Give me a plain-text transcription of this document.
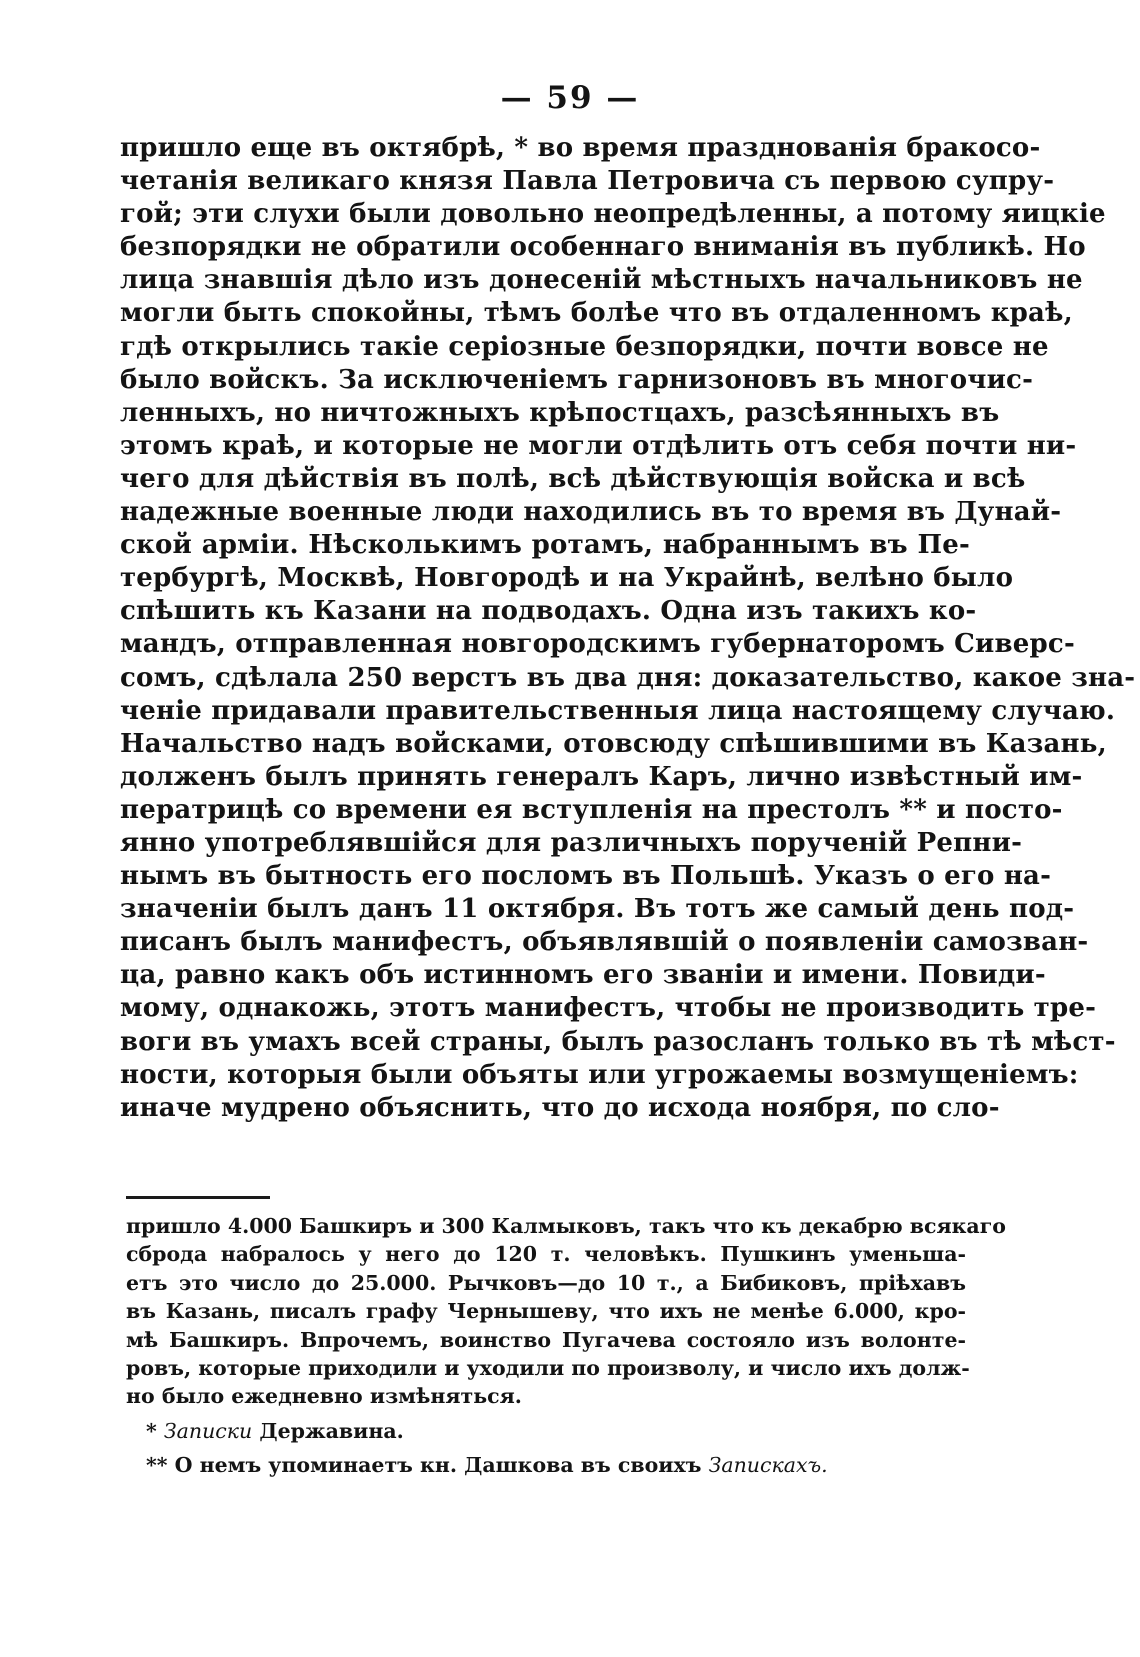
— 59 —
пришло еще въ октябрѣ, * во время празднованія бракосо-
четанія великаго князя Павла Петровича съ первою супру-
гой; эти слухи были довольно неопредѣленны, а потому яицкіе
безпорядки не обратили особеннаго вниманія въ публикѣ. Но
лица знавшія дѣло изъ донесеній мѣстныхъ начальниковъ не
могли быть спокойны, тѣмъ болѣе что въ отдаленномъ краѣ,
гдѣ открылись такіе серіозные безпорядки, почти вовсе не
было войскъ. За исключеніемъ гарнизоновъ въ многочис-
ленныхъ, но ничтожныхъ крѣпостцахъ, разсѣянныхъ въ
этомъ краѣ, и которые не могли отдѣлить отъ себя почти ни-
чего для дѣйствія въ полѣ, всѣ дѣйствующія войска и всѣ
надежные военные люди находились въ то время въ Дунай-
ской арміи. Нѣсколькимъ ротамъ, набраннымъ въ Пе-
тербургѣ, Москвѣ, Новгородѣ и на Украйнѣ, велѣно было
спѣшить къ Казани на подводахъ. Одна изъ такихъ ко-
мандъ, отправленная новгородскимъ губернаторомъ Сиверс-
сомъ, сдѣлала 250 верстъ въ два дня: доказательство, какое зна-
ченіе придавали правительственныя лица настоящему случаю.
Начальство надъ войсками, отовсюду спѣшившими въ Казань,
долженъ былъ принять генералъ Каръ, лично извѣстный им-
ператрицѣ со времени ея вступленія на престолъ ** и посто-
янно употреблявшійся для различныхъ порученій Репни-
нымъ въ бытность его посломъ въ Польшѣ. Указъ о его на-
значеніи былъ данъ 11 октября. Въ тотъ же самый день под-
писанъ былъ манифестъ, объявлявшій о появленіи самозван-
ца, равно какъ объ истинномъ его званіи и имени. Повиди-
мому, однакожь, этотъ манифестъ, чтобы не производить тре-
воги въ умахъ всей страны, былъ разосланъ только въ тѣ мѣст-
ности, которыя были объяты или угрожаемы возмущеніемъ:
иначе мудрено объяснить, что до исхода ноября, по сло-
пришло 4.000 Башкиръ и 300 Калмыковъ, такъ что къ декабрю всякаго
сброда набралось у него до 120 т. человѣкъ. Пушкинъ уменьша-
етъ это число до 25.000. Рычковъ—до 10 т., а Бибиковъ, пріѣхавъ
въ Казань, писалъ графу Чернышеву, что ихъ не менѣе 6.000, кро-
мѣ Башкиръ. Впрочемъ, воинство Пугачева состояло изъ волонте-
ровъ, которые приходили и уходили по произволу, и число ихъ долж-
но было ежедневно измѣняться.
* Записки Державина.
** О немъ упоминаетъ кн. Дашкова въ своихъ Запискахъ.
